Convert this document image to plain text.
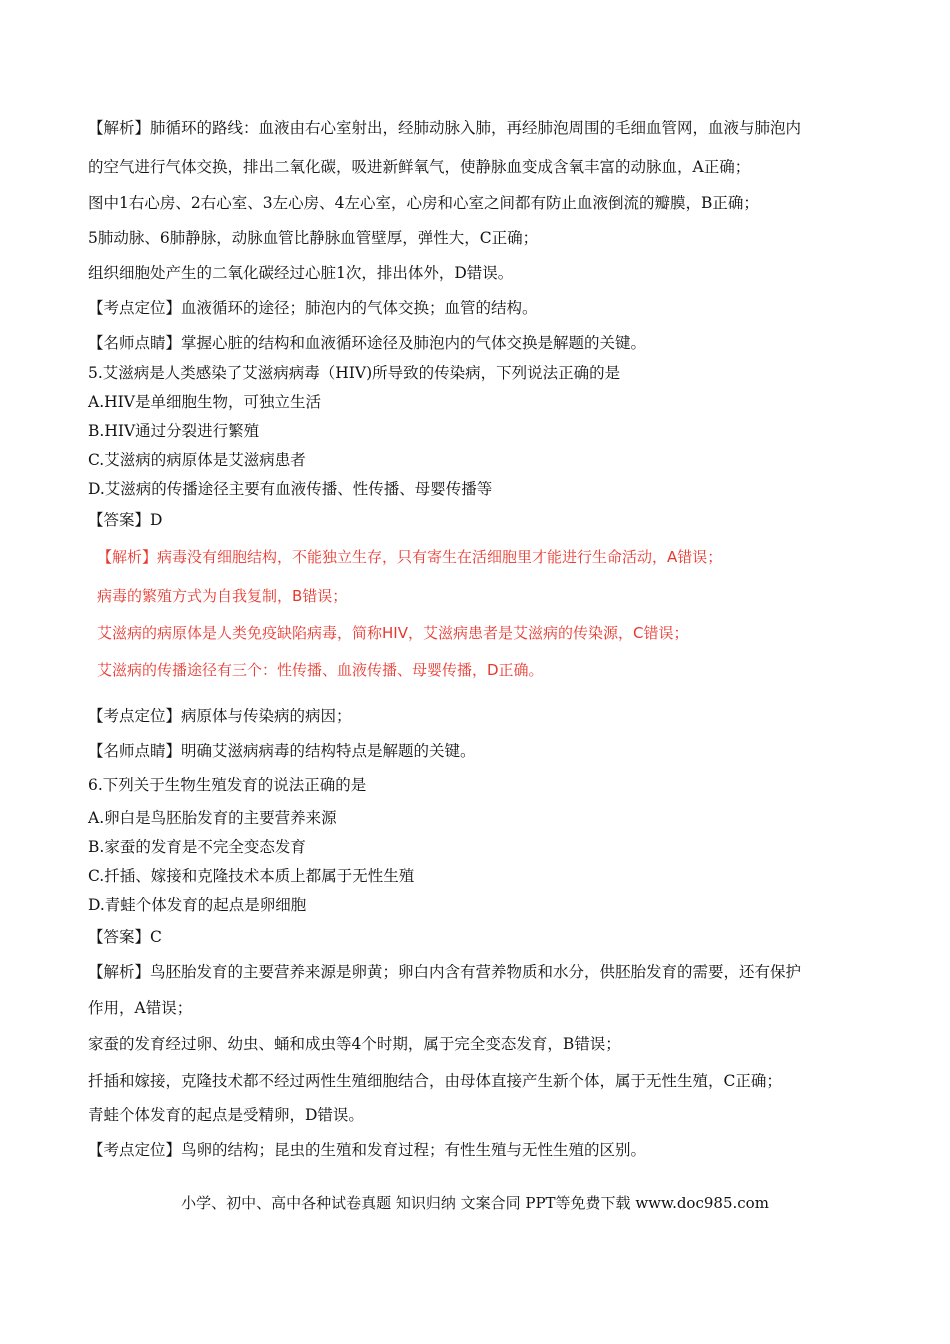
【解析】肺循环的路线：血液由右心室射出，经肺动脉入肺，再经肺泡周围的毛细血管网，血液与肺泡内
的空气进行气体交换，排出二氧化碳，吸进新鲜氧气，使静脉血变成含氧丰富的动脉血，A正确；
图中1右心房、2右心室、3左心房、4左心室，心房和心室之间都有防止血液倒流的瓣膜，B正确；
5肺动脉、6肺静脉，动脉血管比静脉血管壁厚，弹性大，C正确；
组织细胞处产生的二氧化碳经过心脏1次，排出体外，D错误。
【考点定位】血液循环的途径；肺泡内的气体交换；血管的结构。
【名师点睛】掌握心脏的结构和血液循环途径及肺泡内的气体交换是解题的关键。
5.艾滋病是人类感染了艾滋病病毒（HIV)所导致的传染病，下列说法正确的是
A.HIV是单细胞生物，可独立生活
B.HIV通过分裂进行繁殖
C.艾滋病的病原体是艾滋病患者
D.艾滋病的传播途径主要有血液传播、性传播、母婴传播等
【答案】D
【解析】病毒没有细胞结构，不能独立生存，只有寄生在活细胞里才能进行生命活动，A错误；
病毒的繁殖方式为自我复制，B错误；
艾滋病的病原体是人类免疫缺陷病毒，简称HIV，艾滋病患者是艾滋病的传染源，C错误；
艾滋病的传播途径有三个：性传播、血液传播、母婴传播，D正确。
【考点定位】病原体与传染病的病因；
【名师点睛】明确艾滋病病毒的结构特点是解题的关键。
6.下列关于生物生殖发育的说法正确的是
A.卵白是鸟胚胎发育的主要营养来源
B.家蚕的发育是不完全变态发育
C.扦插、嫁接和克隆技术本质上都属于无性生殖
D.青蛙个体发育的起点是卵细胞
【答案】C
【解析】鸟胚胎发育的主要营养来源是卵黄；卵白内含有营养物质和水分，供胚胎发育的需要，还有保护
作用，A错误；
家蚕的发育经过卵、幼虫、蛹和成虫等4个时期，属于完全变态发育，B错误；
扦插和嫁接，克隆技术都不经过两性生殖细胞结合，由母体直接产生新个体，属于无性生殖，C正确；
青蛙个体发育的起点是受精卵，D错误。
【考点定位】鸟卵的结构；昆虫的生殖和发育过程；有性生殖与无性生殖的区别。
小学、初中、高中各种试卷真题 知识归纳 文案合同 PPT等免费下载 www.doc985.com
